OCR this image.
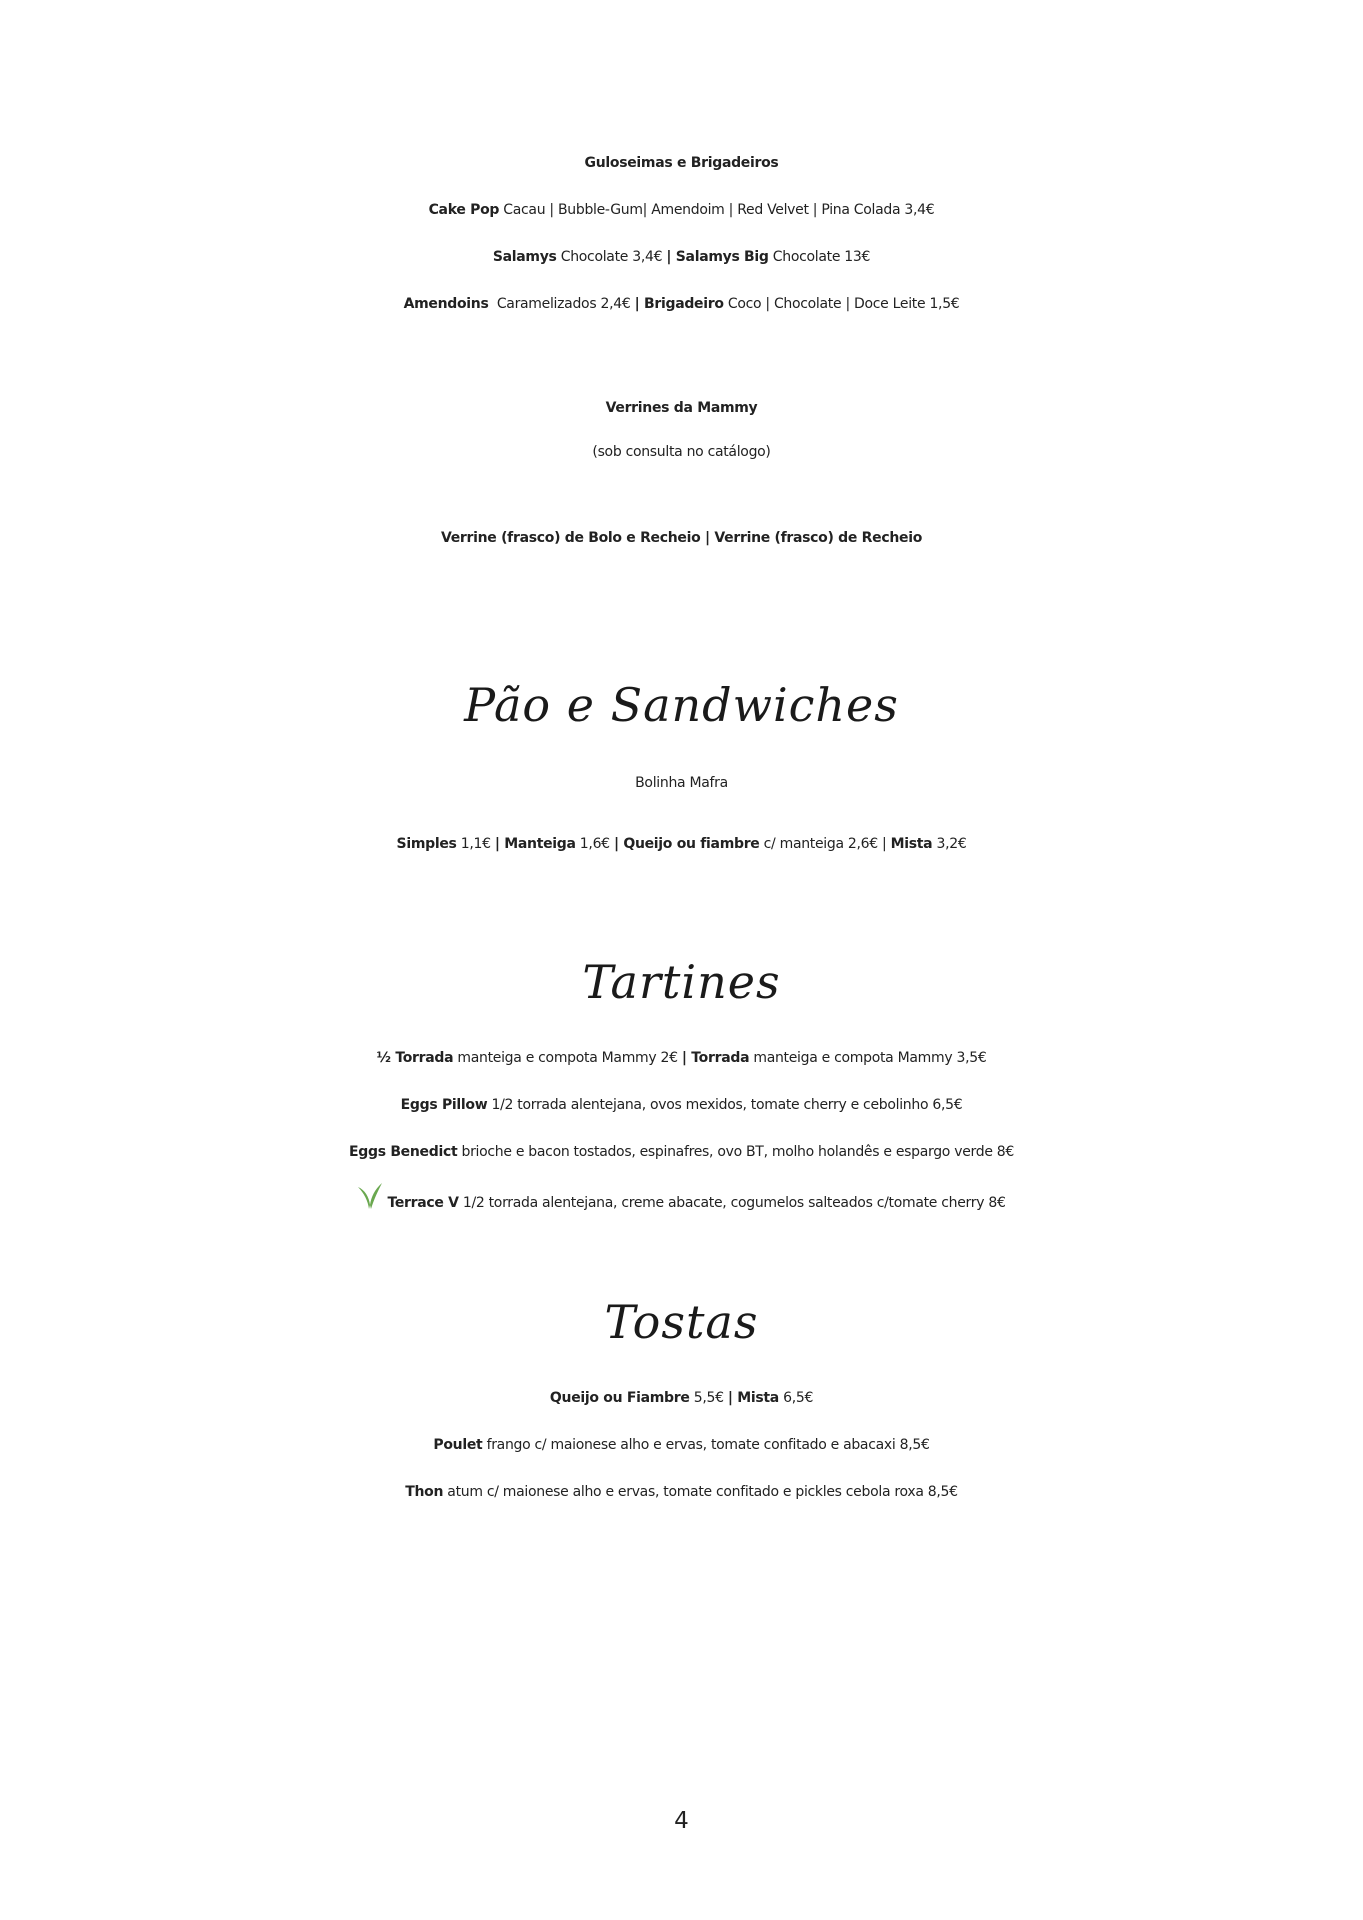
Guloseimas e Brigadeiros
Cake Pop Cacau | Bubble-Gum| Amendoim | Red Velvet | Pina Colada 3,4€
Salamys Chocolate 3,4€ | Salamys Big Chocolate 13€
Amendoins  Caramelizados 2,4€ | Brigadeiro Coco | Chocolate | Doce Leite 1,5€
Verrines da Mammy
(sob consulta no catálogo)
Verrine (frasco) de Bolo e Recheio | Verrine (frasco) de Recheio
Pão e Sandwiches
Bolinha Mafra
Simples 1,1€ | Manteiga 1,6€ | Queijo ou fiambre c/ manteiga 2,6€ | Mista 3,2€
Tartines
½ Torrada manteiga e compota Mammy 2€ | Torrada manteiga e compota Mammy 3,5€
Eggs Pillow 1/2 torrada alentejana, ovos mexidos, tomate cherry e cebolinho 6,5€
Eggs Benedict brioche e bacon tostados, espinafres, ovo BT, molho holandês e espargo verde 8€
Terrace V 1/2 torrada alentejana, creme abacate, cogumelos salteados c/tomate cherry 8€
Tostas
Queijo ou Fiambre 5,5€ | Mista 6,5€
Poulet frango c/ maionese alho e ervas, tomate confitado e abacaxi 8,5€
Thon atum c/ maionese alho e ervas, tomate confitado e pickles cebola roxa 8,5€
4
